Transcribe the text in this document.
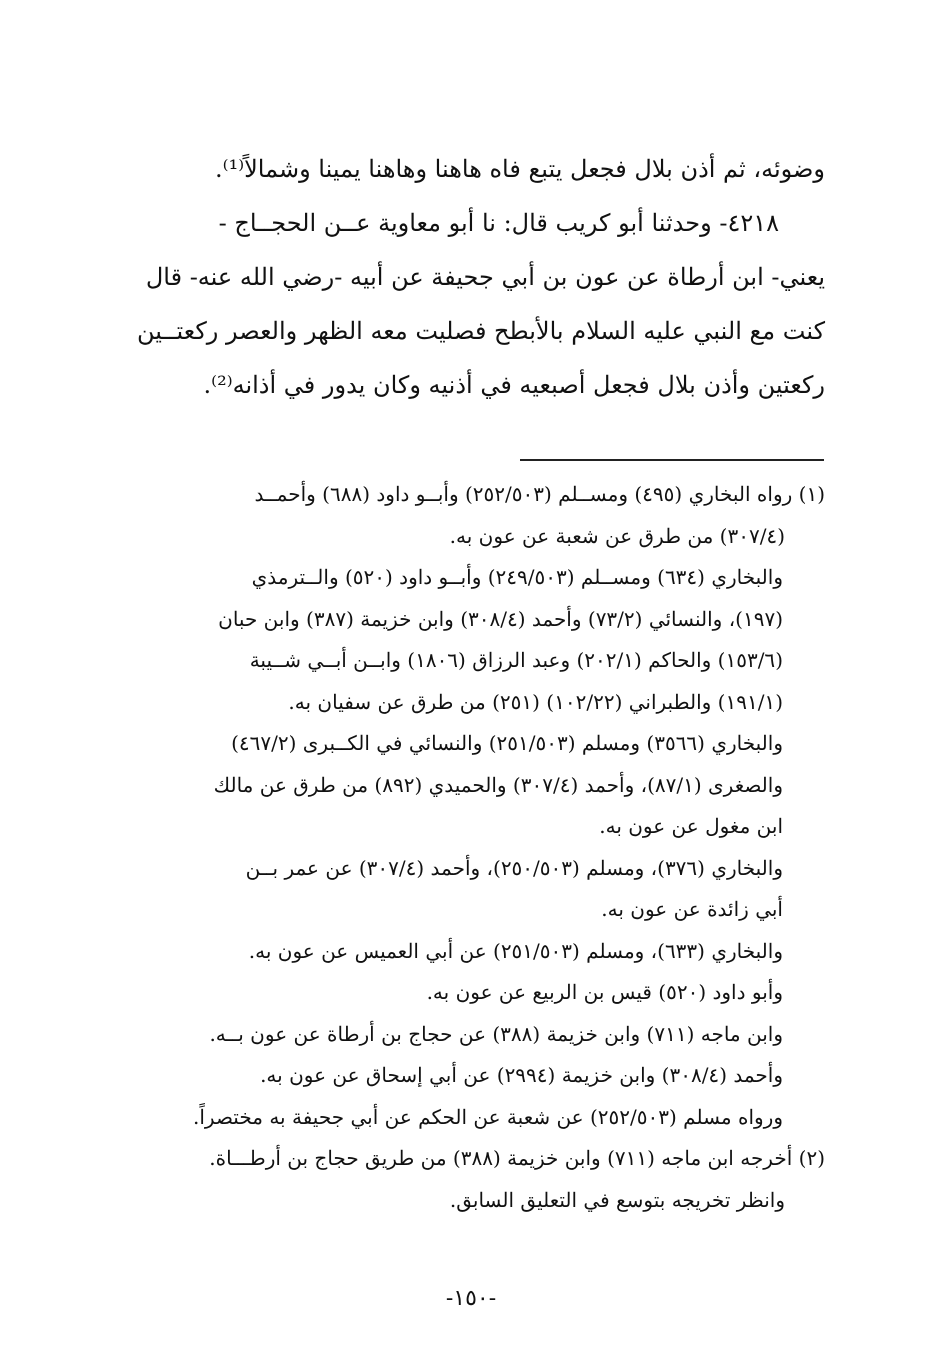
وضوئه، ثم أذن بلال فجعل يتبع فاه هاهنا وهاهنا يمينا وشمالاً⁽¹⁾.

٤٢١٨- وحدثنا أبو كريب قال: نا أبو معاوية عــن الحجــاج -

يعني- ابن أرطاة عن عون بن أبي جحيفة عن أبيه -رضي الله عنه- قال

كنت مع النبي عليه السلام بالأبطح فصليت معه الظهر والعصر ركعتــين

ركعتين وأذن بلال فجعل أصبعيه في أذنيه وكان يدور في أذانه⁽²⁾.

(١) رواه البخاري (٤٩٥) ومســلم (٢٥٢/٥٠٣) وأبــو داود (٦٨٨) وأحمــد

(٣٠٧/٤) من طرق عن شعبة عن عون به.

والبخاري (٦٣٤) ومســلم (٢٤٩/٥٠٣) وأبــو داود (٥٢٠) والــترمذي

(١٩٧)، والنسائي (٧٣/٢) وأحمد (٣٠٨/٤) وابن خزيمة (٣٨٧) وابن حبان

(١٥٣/٦) والحاكم (٢٠٢/١) وعبد الرزاق (١٨٠٦) وابــن أبــي شــيبة

(١٩١/١) والطبراني (١٠٢/٢٢) (٢٥١) من طرق عن سفيان به.

والبخاري (٣٥٦٦) ومسلم (٢٥١/٥٠٣) والنسائي في الكــبرى (٤٦٧/٢)

والصغرى (٨٧/١)، وأحمد (٣٠٧/٤) والحميدي (٨٩٢) من طرق عن مالك

ابن مغول عن عون به.

والبخاري (٣٧٦)، ومسلم (٢٥٠/٥٠٣)، وأحمد (٣٠٧/٤) عن عمر بــن

أبي زائدة عن عون به.

والبخاري (٦٣٣)، ومسلم (٢٥١/٥٠٣) عن أبي العميس عن عون به.

وأبو داود (٥٢٠) قيس بن الربيع عن عون به.

وابن ماجه (٧١١) وابن خزيمة (٣٨٨) عن حجاج بن أرطاة عن عون بــه.

وأحمد (٣٠٨/٤) وابن خزيمة (٢٩٩٤) عن أبي إسحاق عن عون به.

ورواه مسلم (٢٥٢/٥٠٣) عن شعبة عن الحكم عن أبي جحيفة به مختصراً.

(٢) أخرجه ابن ماجه (٧١١) وابن خزيمة (٣٨٨) من طريق حجاج بن أرطـــاة.

وانظر تخريجه بتوسع في التعليق السابق.

-١٥٠-
